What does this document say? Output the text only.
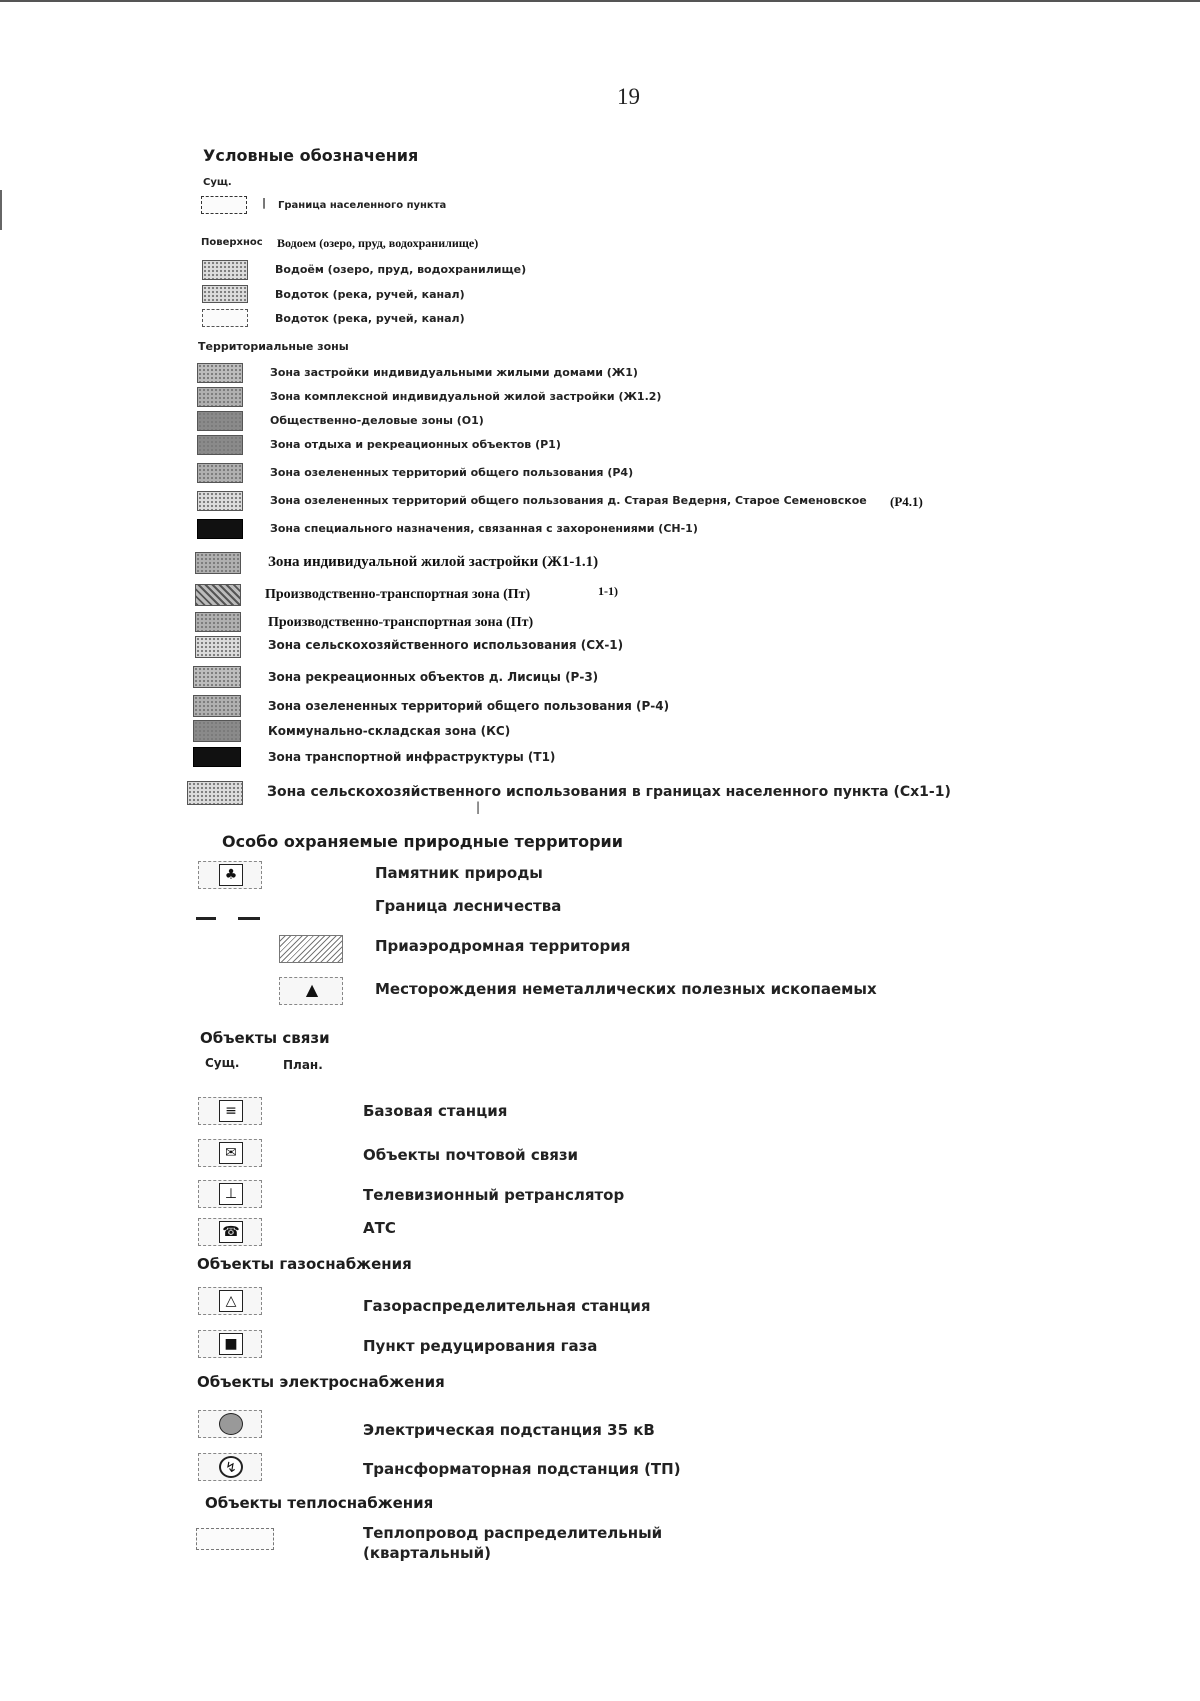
19
Условные обозначения
Сущ.
| Граница населенного пункта
Поверхнос Водоем (озеро, пруд, водохранилище)
Водоём (озеро, пруд, водохранилище)
Водоток (река, ручей, канал)
Водоток (река, ручей, канал)
Территориальные зоны
Зона застройки индивидуальными жилыми домами (Ж1)
Зона комплексной индивидуальной жилой застройки (Ж1.2)
Общественно-деловые зоны (О1)
Зона отдыха и рекреационных объектов (Р1)
Зона озелененных территорий общего пользования (Р4)
Зона озелененных территорий общего пользования д. Старая Ведерня, Старое Семеновское (Р4.1)
Зона специального назначения, связанная с захоронениями (СН-1)
Зона индивидуальной жилой застройки (Ж1-1.1)
Производственно-транспортная зона (Пт)	1-1)
Производственно-транспортная зона (Пт)
Зона сельскохозяйственного использования (СХ-1)
Зона рекреационных объектов д. Лисицы (Р-3)
Зона озелененных территорий общего пользования (Р-4)
Коммунально-складская зона (КС)
Зона транспортной инфраструктуры (Т1)
Зона сельскохозяйственного использования в границах населенного пункта (Сх1-1)
|
Особо охраняемые природные территории
♣	Памятник природы
Граница лесничества
Приаэродромная территория
▲	Месторождения неметаллических полезных ископаемых
Объекты связи
Сущ.	План.
≡	Базовая станция
✉	Объекты почтовой связи
⊥	Телевизионный ретранслятор
☎	АТС
Объекты газоснабжения
△	Газораспределительная станция
■	Пункт редуцирования газа
Объекты электроснабжения
Электрическая подстанция 35 кВ
↯	Трансформаторная подстанция (ТП)
Объекты теплоснабжения
Теплопровод распределительный
(квартальный)
